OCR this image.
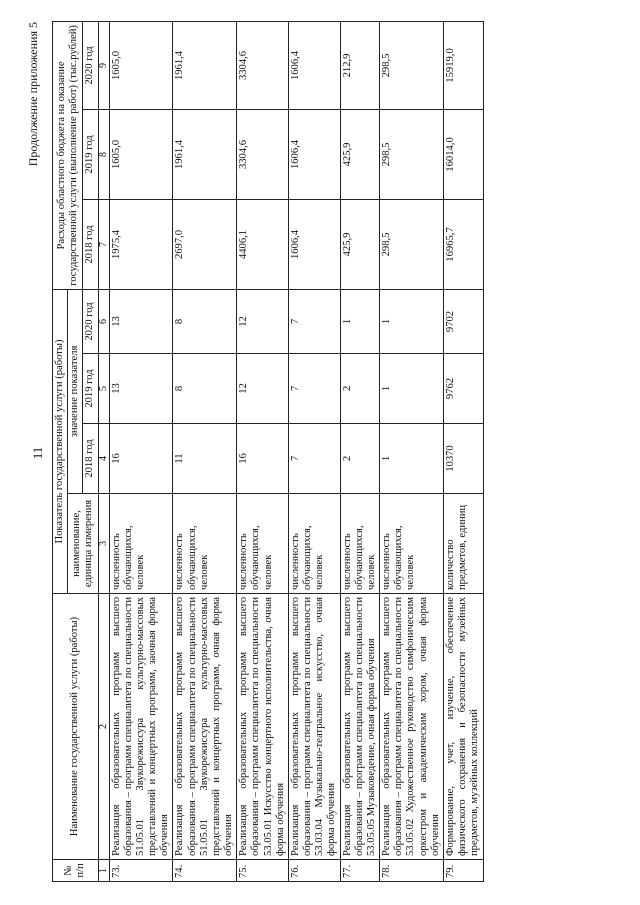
11
Продолжение приложения 5
№ п/п	Наименование государственной услуги (работы)	Показатель государственной услуги (работы)				Расходы областного бюджета на оказание государственной услуги (выполнение работ) (тыс.рублей)		
		наименование, единица измерения	значение показателя					
			2018 год	2019 год	2020 год	2018 год	2019 год	2020 год
1	2	3	4	5	6	7	8	9
73.	Реализация образовательных программ высшего образования – программ специалитета по специальности 51.05.01 Звукорежиссура культурно-массовых представлений и концертных программ, заочная форма обучения	численность обучающихся, человек	16	13	13	1975,4	1605,0	1605,0
74.	Реализация образовательных программ высшего образования – программ специалитета по специальности 51.05.01 Звукорежиссура культурно-массовых представлений и концертных программ, очная форма обучения	численность обучающихся, человек	11	8	8	2697,0	1961,4	1961,4
75.	Реализация образовательных программ высшего образования – программ специалитета по специальности 53.05.01 Искусство концертного исполнительства, очная форма обучения	численность обучающихся, человек	16	12	12	4406,1	3304,6	3304,6
76.	Реализация образовательных программ высшего образования – программ специалитета по специальности 53.03.04 Музыкально-театральное искусство, очная форма обучения	численность обучающихся, человек	7	7	7	1606,4	1606,4	1606,4
77.	Реализация образовательных программ высшего образования – программ специалитета по специальности 53.05.05 Музыковедение, очная форма обучения	численность обучающихся, человек	2	2	1	425,9	425,9	212,9
78.	Реализация образовательных программ высшего образования – программ специалитета по специальности 53.05.02 Художественное руководство симфоническим оркестром и академическим хором, очная форма обучения	численность обучающихся, человек	1	1	1	298,5	298,5	298,5
79.	Формирование, учет, изучение, обеспечение физического сохранения и безопасности музейных предметов, музейных коллекций	количество предметов, единиц	10370	9762	9702	16965,7	16014,0	15919,0
